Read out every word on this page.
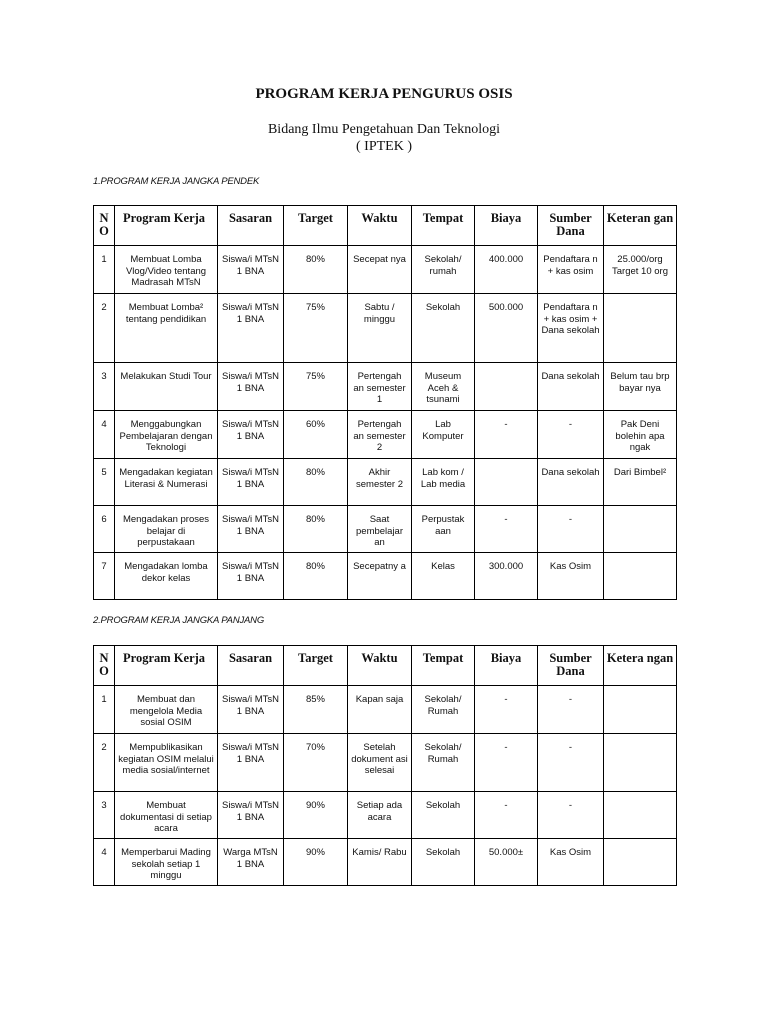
PROGRAM KERJA PENGURUS OSIS
Bidang Ilmu Pengetahuan Dan Teknologi
( IPTEK )
1.PROGRAM KERJA JANGKA PENDEK
N O	Program Kerja	Sasaran	Target	Waktu	Tempat	Biaya	Sumber Dana	Keteran gan
1	Membuat Lomba Vlog/Video tentang Madrasah MTsN	Siswa/i MTsN 1 BNA	80%	Secepat nya	Sekolah/ rumah	400.000	Pendaftara n + kas osim	25.000/org Target 10 org
2	Membuat Lomba² tentang pendidikan	Siswa/i MTsN 1 BNA	75%	Sabtu / minggu	Sekolah	500.000	Pendaftara n + kas osim + Dana sekolah	
3	Melakukan Studi Tour	Siswa/i MTsN 1 BNA	75%	Pertengah an semester 1	Museum Aceh & tsunami		Dana sekolah	Belum tau brp bayar nya
4	Menggabungkan Pembelajaran dengan Teknologi	Siswa/i MTsN 1 BNA	60%	Pertengah an semester 2	Lab Komputer	-	-	Pak Deni bolehin apa ngak
5	Mengadakan kegiatan Literasi & Numerasi	Siswa/i MTsN 1 BNA	80%	Akhir semester 2	Lab kom / Lab media		Dana sekolah	Dari Bimbel²
6	Mengadakan proses belajar di perpustakaan	Siswa/i MTsN 1 BNA	80%	Saat pembelajar an	Perpustak aan	-	-	
7	Mengadakan lomba dekor kelas	Siswa/i MTsN 1 BNA	80%	Secepatny a	Kelas	300.000	Kas Osim	
2.PROGRAM KERJA JANGKA PANJANG
N O	Program Kerja	Sasaran	Target	Waktu	Tempat	Biaya	Sumber Dana	Ketera ngan
1	Membuat dan mengelola Media sosial OSIM	Siswa/i MTsN 1 BNA	85%	Kapan saja	Sekolah/ Rumah	-	-	
2	Mempublikasikan kegiatan OSIM melalui media sosial/internet	Siswa/i MTsN 1 BNA	70%	Setelah dokument asi selesai	Sekolah/ Rumah	-	-	
3	Membuat dokumentasi di setiap acara	Siswa/i MTsN 1 BNA	90%	Setiap ada acara	Sekolah	-	-	
4	Memperbarui Mading sekolah setiap 1 minggu	Warga MTsN 1 BNA	90%	Kamis/ Rabu	Sekolah	50.000±	Kas Osim	
